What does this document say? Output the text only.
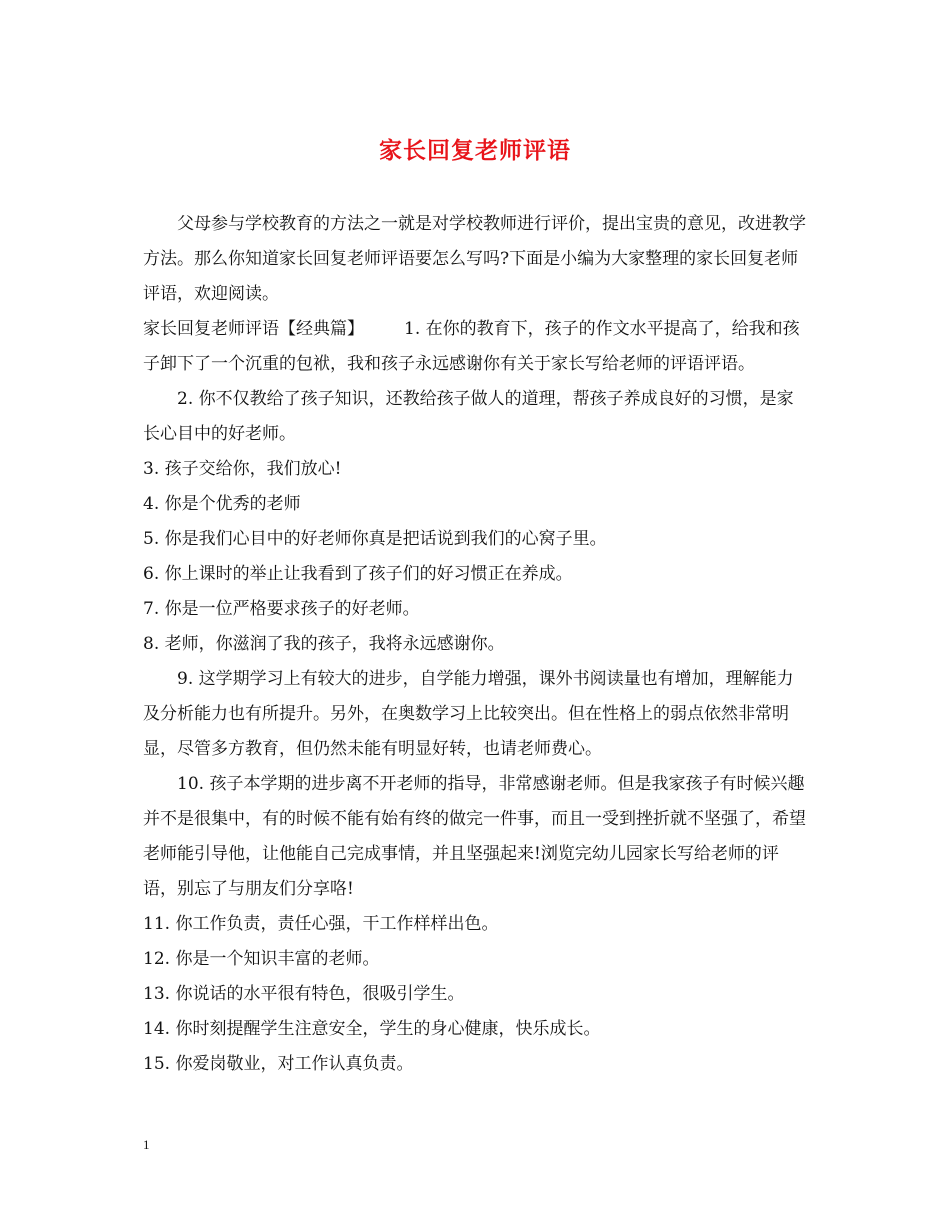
家长回复老师评语

父母参与学校教育的方法之一就是对学校教师进行评价，提出宝贵的意见，改进教学方法。那么你知道家长回复老师评语要怎么写吗?下面是小编为大家整理的家长回复老师评语，欢迎阅读。

家长回复老师评语【经典篇】 1. 在你的教育下，孩子的作文水平提高了，给我和孩子卸下了一个沉重的包袱，我和孩子永远感谢你有关于家长写给老师的评语评语。

2. 你不仅教给了孩子知识，还教给孩子做人的道理，帮孩子养成良好的习惯，是家长心目中的好老师。

3. 孩子交给你，我们放心!

4. 你是个优秀的老师

5. 你是我们心目中的好老师你真是把话说到我们的心窝子里。

6. 你上课时的举止让我看到了孩子们的好习惯正在养成。

7. 你是一位严格要求孩子的好老师。

8. 老师，你滋润了我的孩子，我将永远感谢你。

9. 这学期学习上有较大的进步，自学能力增强，课外书阅读量也有增加，理解能力及分析能力也有所提升。另外，在奥数学习上比较突出。但在性格上的弱点依然非常明显，尽管多方教育，但仍然未能有明显好转，也请老师费心。

10. 孩子本学期的进步离不开老师的指导，非常感谢老师。但是我家孩子有时候兴趣并不是很集中，有的时候不能有始有终的做完一件事，而且一受到挫折就不坚强了，希望老师能引导他，让他能自己完成事情，并且坚强起来!浏览完幼儿园家长写给老师的评语，别忘了与朋友们分享咯!

11. 你工作负责，责任心强，干工作样样出色。

12. 你是一个知识丰富的老师。

13. 你说话的水平很有特色，很吸引学生。

14. 你时刻提醒学生注意安全，学生的身心健康，快乐成长。

15. 你爱岗敬业，对工作认真负责。

1
